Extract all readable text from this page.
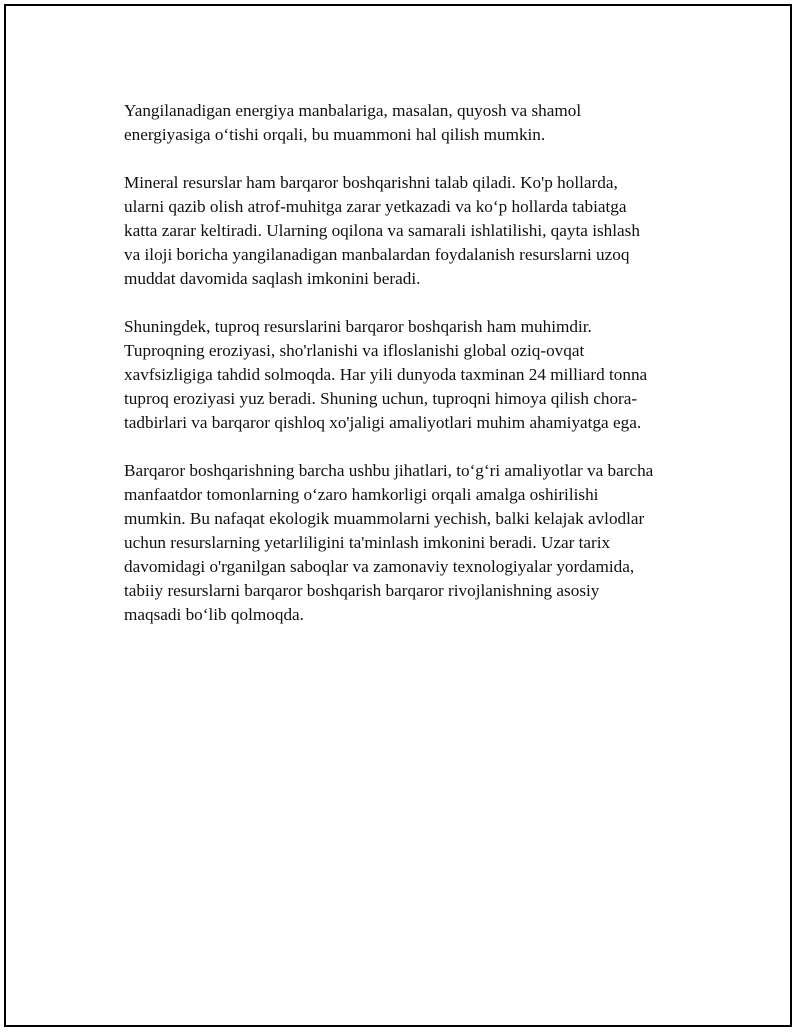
Yangilanadigan energiya manbalariga, masalan, quyosh va shamol
energiyasiga o‘tishi orqali, bu muammoni hal qilish mumkin.

Mineral resurslar ham barqaror boshqarishni talab qiladi. Ko'p hollarda,
ularni qazib olish atrof-muhitga zarar yetkazadi va ko‘p hollarda tabiatga
katta zarar keltiradi. Ularning oqilona va samarali ishlatilishi, qayta ishlash
va iloji boricha yangilanadigan manbalardan foydalanish resurslarni uzoq
muddat davomida saqlash imkonini beradi.

Shuningdek, tuproq resurslarini barqaror boshqarish ham muhimdir.
Tuproqning eroziyasi, sho'rlanishi va ifloslanishi global oziq-ovqat
xavfsizligiga tahdid solmoqda. Har yili dunyoda taxminan 24 milliard tonna
tuproq eroziyasi yuz beradi. Shuning uchun, tuproqni himoya qilish chora-
tadbirlari va barqaror qishloq xo'jaligi amaliyotlari muhim ahamiyatga ega.

Barqaror boshqarishning barcha ushbu jihatlari, to‘g‘ri amaliyotlar va barcha
manfaatdor tomonlarning o‘zaro hamkorligi orqali amalga oshirilishi
mumkin. Bu nafaqat ekologik muammolarni yechish, balki kelajak avlodlar
uchun resurslarning yetarliligini ta'minlash imkonini beradi. Uzar tarix
davomidagi o'rganilgan saboqlar va zamonaviy texnologiyalar yordamida,
tabiiy resurslarni barqaror boshqarish barqaror rivojlanishning asosiy
maqsadi bo‘lib qolmoqda.
